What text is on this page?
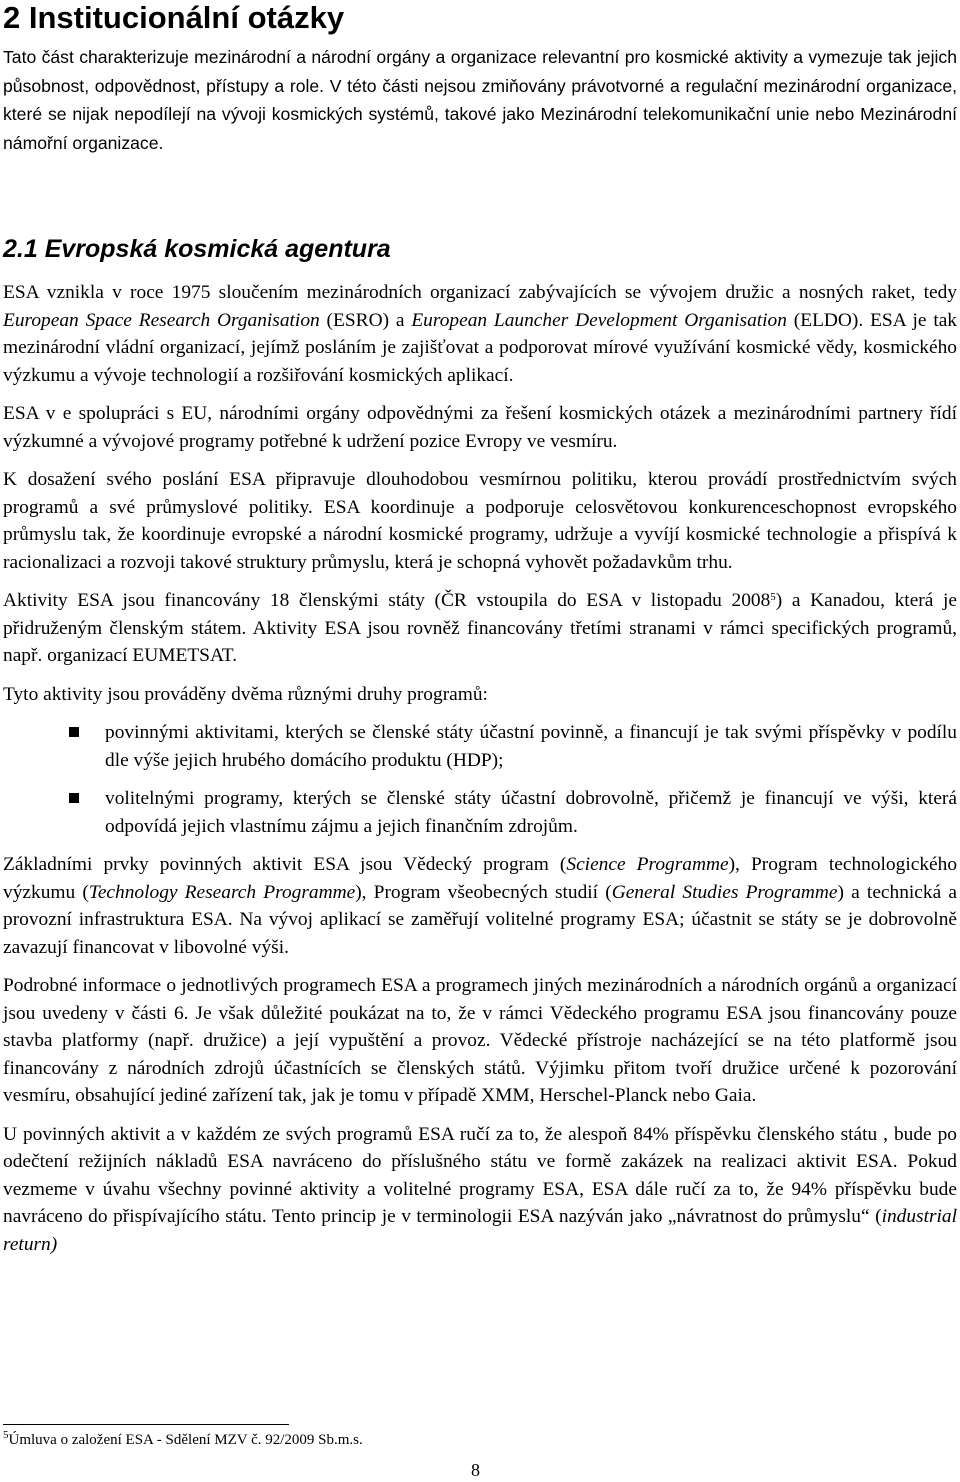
2 Institucionální otázky

Tato část charakterizuje mezinárodní a národní orgány a organizace relevantní pro kosmické aktivity a vymezuje tak jejich působnost, odpovědnost, přístupy a role. V této části nejsou zmiňovány právotvorné a regulační mezinárodní organizace, které se nijak nepodílejí na vývoji kosmických systémů, takové jako Mezinárodní telekomunikační unie nebo Mezinárodní námořní organizace.

2.1 Evropská kosmická agentura

ESA vznikla v roce 1975 sloučením mezinárodních organizací zabývajících se vývojem družic a nosných raket, tedy European Space Research Organisation (ESRO) a European Launcher Development Organisation (ELDO). ESA je tak mezinárodní vládní organizací, jejímž posláním je zajišťovat a podporovat mírové využívání kosmické vědy, kosmického výzkumu a vývoje technologií a rozšiřování kosmických aplikací.

ESA v e spolupráci s EU, národními orgány odpovědnými za řešení kosmických otázek a mezinárodními partnery řídí výzkumné a vývojové programy potřebné k udržení pozice Evropy ve vesmíru.

K dosažení svého poslání ESA připravuje dlouhodobou vesmírnou politiku, kterou provádí prostřednictvím svých programů a své průmyslové politiky. ESA koordinuje a podporuje celosvětovou konkurenceschopnost evropského průmyslu tak, že koordinuje evropské a národní kosmické programy, udržuje a vyvíjí kosmické technologie a přispívá k racionalizaci a rozvoji takové struktury průmyslu, která je schopná vyhovět požadavkům trhu.

Aktivity ESA jsou financovány 18 členskými státy (ČR vstoupila do ESA v listopadu 2008$^5$) a Kanadou, která je přidruženým členským státem. Aktivity ESA jsou rovněž financovány třetími stranami v rámci specifických programů, např. organizací EUMETSAT.

Tyto aktivity jsou prováděny dvěma různými druhy programů:

povinnými aktivitami, kterých se členské státy účastní povinně, a financují je tak svými příspěvky v podílu dle výše jejich hrubého domácího produktu (HDP);
volitelnými programy, kterých se členské státy účastní dobrovolně, přičemž je financují ve výši, která odpovídá jejich vlastnímu zájmu a jejich finančním zdrojům.

Základními prvky povinných aktivit ESA jsou Vědecký program (Science Programme), Program technologického výzkumu (Technology Research Programme), Program všeobecných studií (General Studies Programme) a technická a provozní infrastruktura ESA. Na vývoj aplikací se zaměřují volitelné programy ESA; účastnit se státy se je dobrovolně zavazují financovat v libovolné výši.

Podrobné informace o jednotlivých programech ESA a programech jiných mezinárodních a národních orgánů a organizací jsou uvedeny v části 6. Je však důležité poukázat na to, že v rámci Vědeckého programu ESA jsou financovány pouze stavba platformy (např. družice) a její vypuštění a provoz. Vědecké přístroje nacházející se na této platformě jsou financovány z národních zdrojů účastnících se členských států. Výjimku přitom tvoří družice určené k pozorování vesmíru, obsahující jediné zařízení tak, jak je tomu v případě XMM, Herschel-Planck nebo Gaia.

U povinných aktivit a v každém ze svých programů ESA ručí za to, že alespoň 84% příspěvku členského státu , bude po odečtení režijních nákladů ESA navráceno do příslušného státu ve formě zakázek na realizaci aktivit ESA. Pokud vezmeme v úvahu všechny povinné aktivity a volitelné programy ESA, ESA dále ručí za to, že 94% příspěvku bude navráceno do přispívajícího státu. Tento princip je v terminologii ESA nazýván jako „návratnost do průmyslu“ (industrial return)

$^5$Úmluva o založení ESA - Sdělení MZV č. 92/2009 Sb.m.s.
8
